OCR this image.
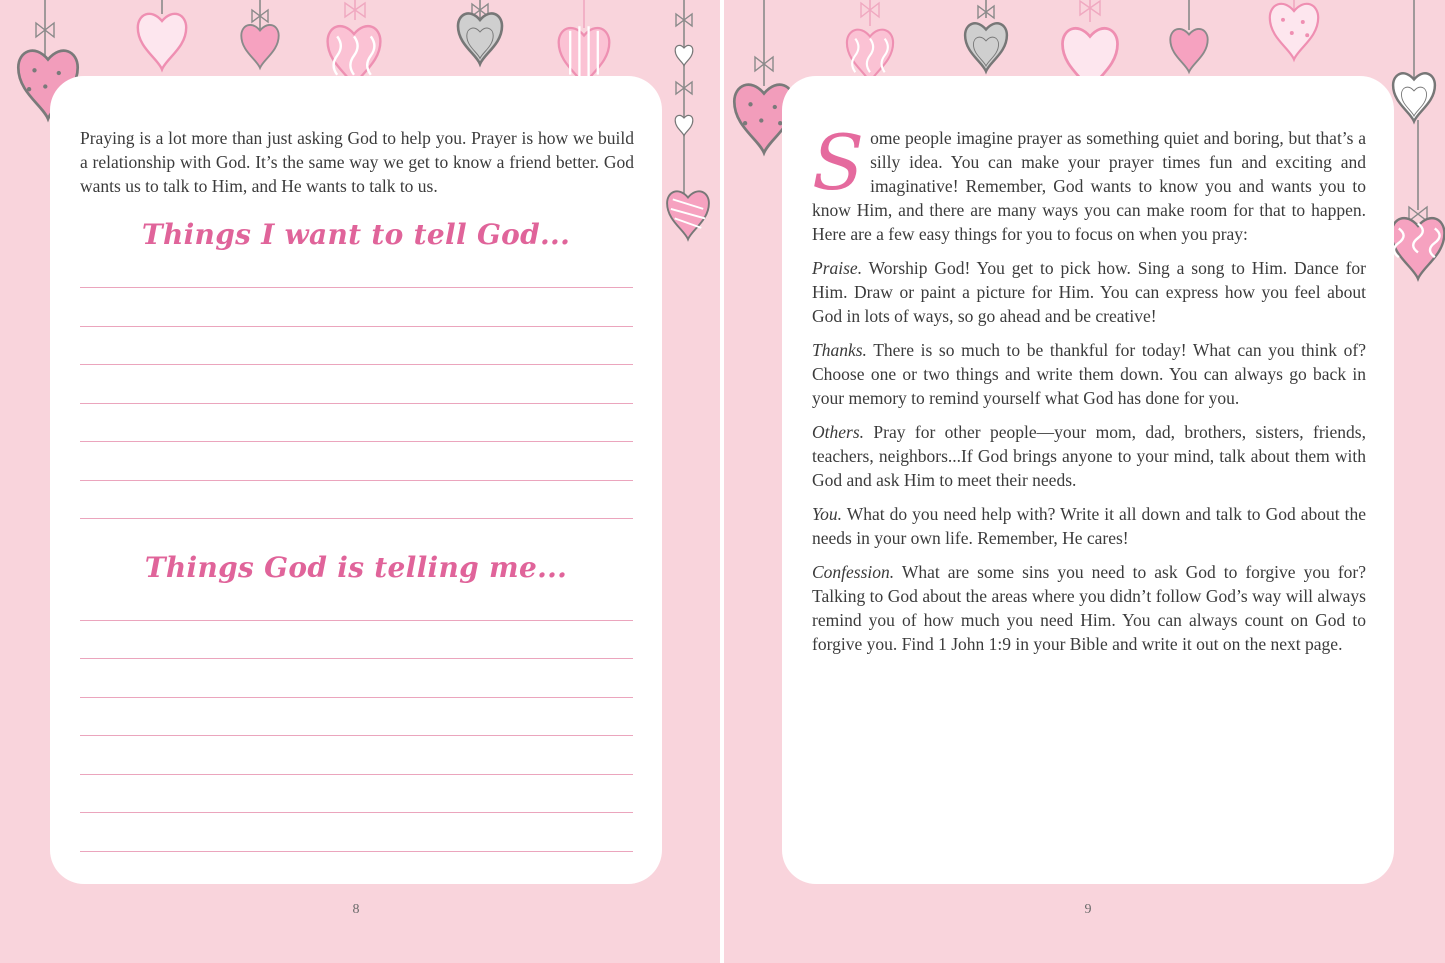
Praying is a lot more than just asking God to help you. Prayer is how we build a relationship with God. It’s the same way we get to know a friend better. God wants us to talk to Him, and He wants to talk to us.

Things I want to tell God...
Things God is telling me...
8

Some people imagine prayer as something quiet and boring, but that’s a silly idea. You can make your prayer times fun and exciting and imaginative! Remember, God wants to know you and wants you to know Him, and there are many ways you can make room for that to happen. Here are a few easy things for you to focus on when you pray:

Praise. Worship God! You get to pick how. Sing a song to Him. Dance for Him. Draw or paint a picture for Him. You can express how you feel about God in lots of ways, so go ahead and be creative!

Thanks. There is so much to be thankful for today! What can you think of? Choose one or two things and write them down. You can always go back in your memory to remind yourself what God has done for you.

Others. Pray for other people—your mom, dad, brothers, sisters, friends, teachers, neighbors...If God brings anyone to your mind, talk about them with God and ask Him to meet their needs.

You. What do you need help with? Write it all down and talk to God about the needs in your own life. Remember, He cares!

Confession. What are some sins you need to ask God to forgive you for? Talking to God about the areas where you didn’t follow God’s way will always remind you of how much you need Him. You can always count on God to forgive you. Find 1 John 1:9 in your Bible and write it out on the next page.

9
